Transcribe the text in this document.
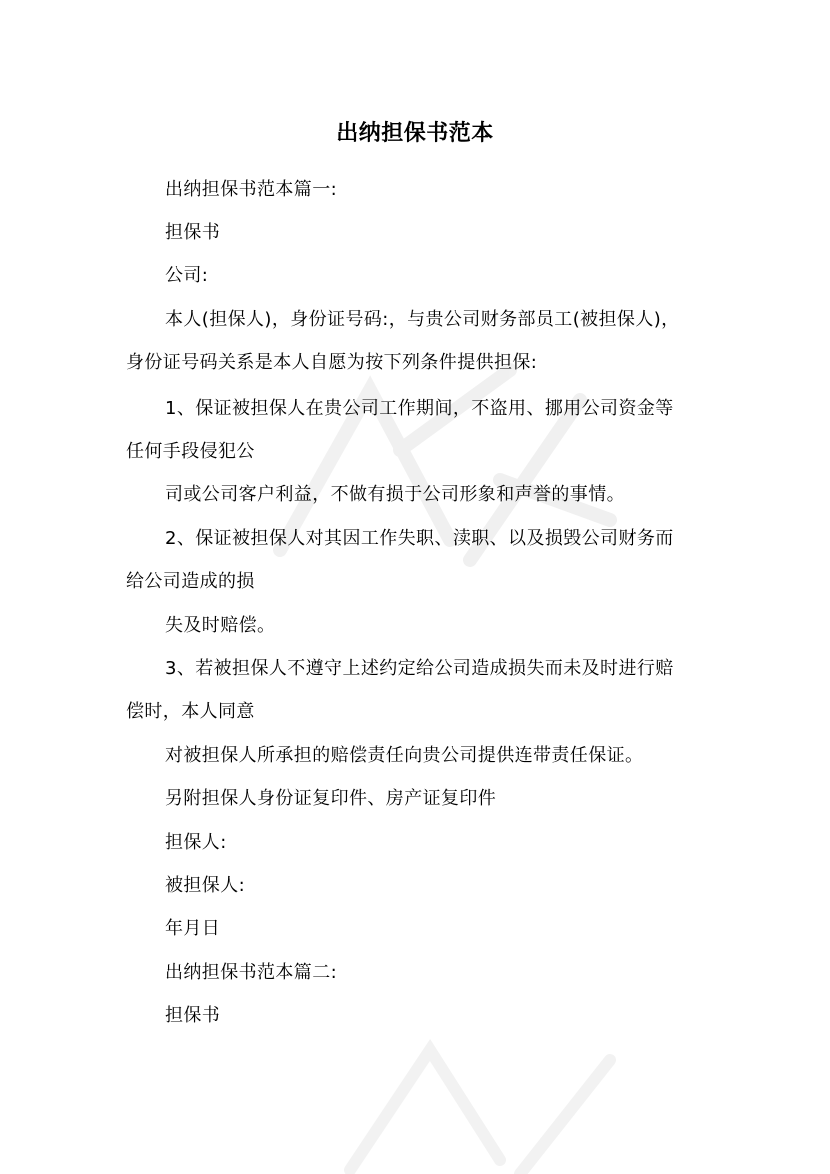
出纳担保书范本
出纳担保书范本篇一:
担保书
公司:
本人(担保人)，身份证号码:，与贵公司财务部员工(被担保人)，
身份证号码关系是本人自愿为按下列条件提供担保:
1、保证被担保人在贵公司工作期间，不盗用、挪用公司资金等
任何手段侵犯公
司或公司客户利益，不做有损于公司形象和声誉的事情。
2、保证被担保人对其因工作失职、渎职、以及损毁公司财务而
给公司造成的损
失及时赔偿。
3、若被担保人不遵守上述约定给公司造成损失而未及时进行赔
偿时，本人同意
对被担保人所承担的赔偿责任向贵公司提供连带责任保证。
另附担保人身份证复印件、房产证复印件
担保人:
被担保人:
年月日
出纳担保书范本篇二:
担保书
